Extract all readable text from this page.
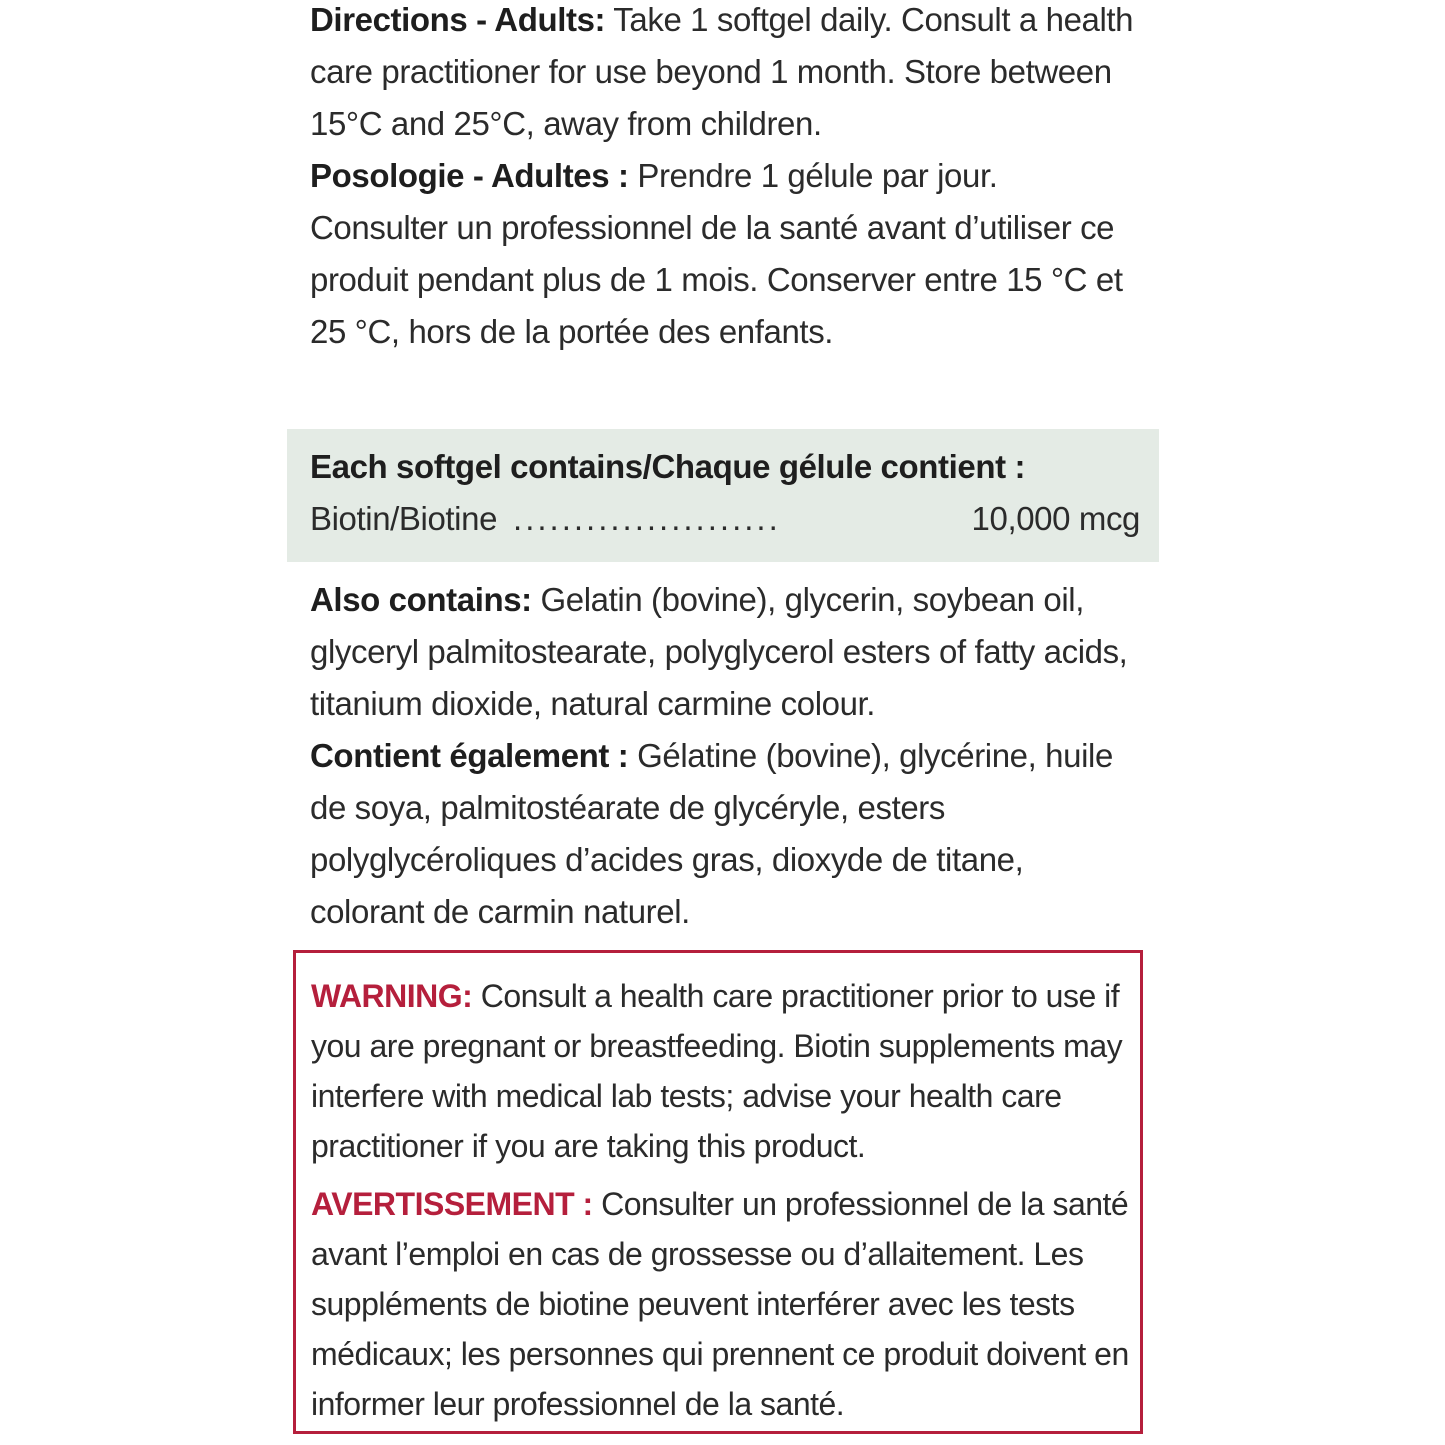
Directions - Adults: Take 1 softgel daily. Consult a health care practitioner for use beyond 1 month. Store between 15°C and 25°C, away from children.

Posologie - Adultes : Prendre 1 gélule par jour. Consulter un professionnel de la santé avant d’utiliser ce produit pendant plus de 1 mois. Conserver entre 15 °C et 25 °C, hors de la portée des enfants.

Each softgel contains/Chaque gélule contient :
Biotin/Biotine ......................	10,000 mcg

Also contains: Gelatin (bovine), glycerin, soybean oil, glyceryl palmitostearate, polyglycerol esters of fatty acids, titanium dioxide, natural carmine colour.

Contient également : Gélatine (bovine), glycérine, huile de soya, palmitostéarate de glycéryle, esters polyglycéroliques d’acides gras, dioxyde de titane, colorant de carmin naturel.

WARNING: Consult a health care practitioner prior to use if you are pregnant or breastfeeding. Biotin supplements may interfere with medical lab tests; advise your health care practitioner if you are taking this product.

AVERTISSEMENT : Consulter un professionnel de la santé avant l’emploi en cas de grossesse ou d’allaitement. Les suppléments de biotine peuvent interférer avec les tests médicaux; les personnes qui prennent ce produit doivent en informer leur professionnel de la santé.
